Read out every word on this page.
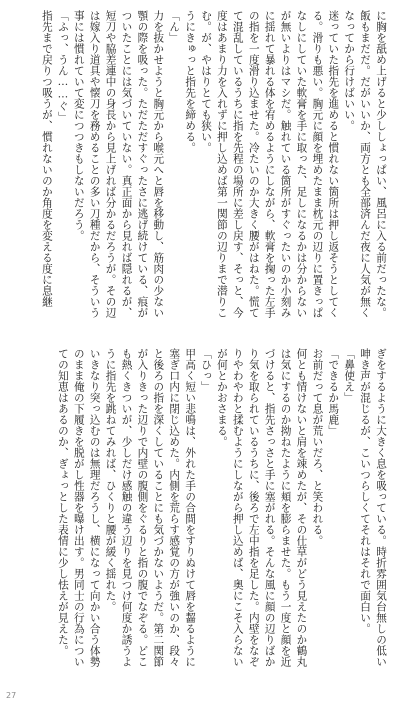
に胸を舐め上げると少ししょっぱい、風呂に入る前だったな。

飯もまだだ。だがいいか、両方とも全部済んだ夜に人気が無くなってから行けばいい。

迷っていた指先を進めると慣れない箇所は押し返そうとしてくる。滑りも悪い。胸元に顔を埋めたまま枕元の辺りに置きっぱなしにしていた軟膏を手に取った、足しになるかは分からないが無いよりはマシだ。触れている箇所がすぐったいのか小刻みに揺れて暴れる体を宥めるようにしながら、軟膏を掬った左手の指を一度滑り込ませた。冷たいのか大きく腰がはねた。慌てて混乱しているうちに指を先程の場所に差し戻す、そっと、今度はあまり力を入れずに押し込めば第一関節の辺りまで潜りこむ。が、やはりとても狭い。

うにきゅっと指先を締める。

「ん」

力を抜かせようと胸元から喉元へと唇を移動し、筋肉の少ない顎の際を吸った。ただただすぐったさに逃げ続けている、痕がついたことには気づいていない。真正面から見れば隠れるが、短刀や脇差連中の身長から見上げれば分かるだろうが。その辺は嫁入り道具や懐刀を務めることの多い刀種だから、そういう事には慣れていて変につつきもしないだろう。

「ふっ、うん……ぐ」

指先まで戻りつ吸うが、慣れないのか角度を変える度に息継

ぎをするように大きく息を吸っている。時折雰囲気台無しの低い呻き声が混じるが、こいつらしくてそれはそれで面白い。

「鼻使え」

「できるか馬鹿」

お前だって息が荒いだろ、と笑われる。

何とも情けないと肩を竦めたが、その仕草がどう見えたのか鶴丸は気にするのか拗ねたように頬を膨らませた。もう一度と顔を近づけると、指先さっさと手に塞がれる。そんな風に顔の辺りばかり気を取られているうちに、後ろで左中指を足した。内壁をなぞりやわやわと揉むようにしながら押し込めば、奥にこそ入らないが何とかおさまる。

「ひっ」

甲高く短い悲鳴は、外れた手の合間をすりぬけて唇を齧るように塞ぎ口内に閉じ込めた。内側を荒らす感覚の方が強いのか、段々と後ろの指を深くしていることにも気づかないようだ。第二関節が入りきった辺りで内壁の腹側をぐるりと指の腹でなぞる。どこも熱くきついが、少しだけ感触の違う辺りを見つけ何度か誘うように指先を跳ねてみれば、ひくりと腰が緩く揺れた。

いきなり突っ込むのは無理だろうし、横になって向かい合う体勢のまま俺の下履きを脱がし性器を曝け出す。男同士の行為についての知恵はあるのか、ぎょっとした表情に少し怯えが見えた。

27
